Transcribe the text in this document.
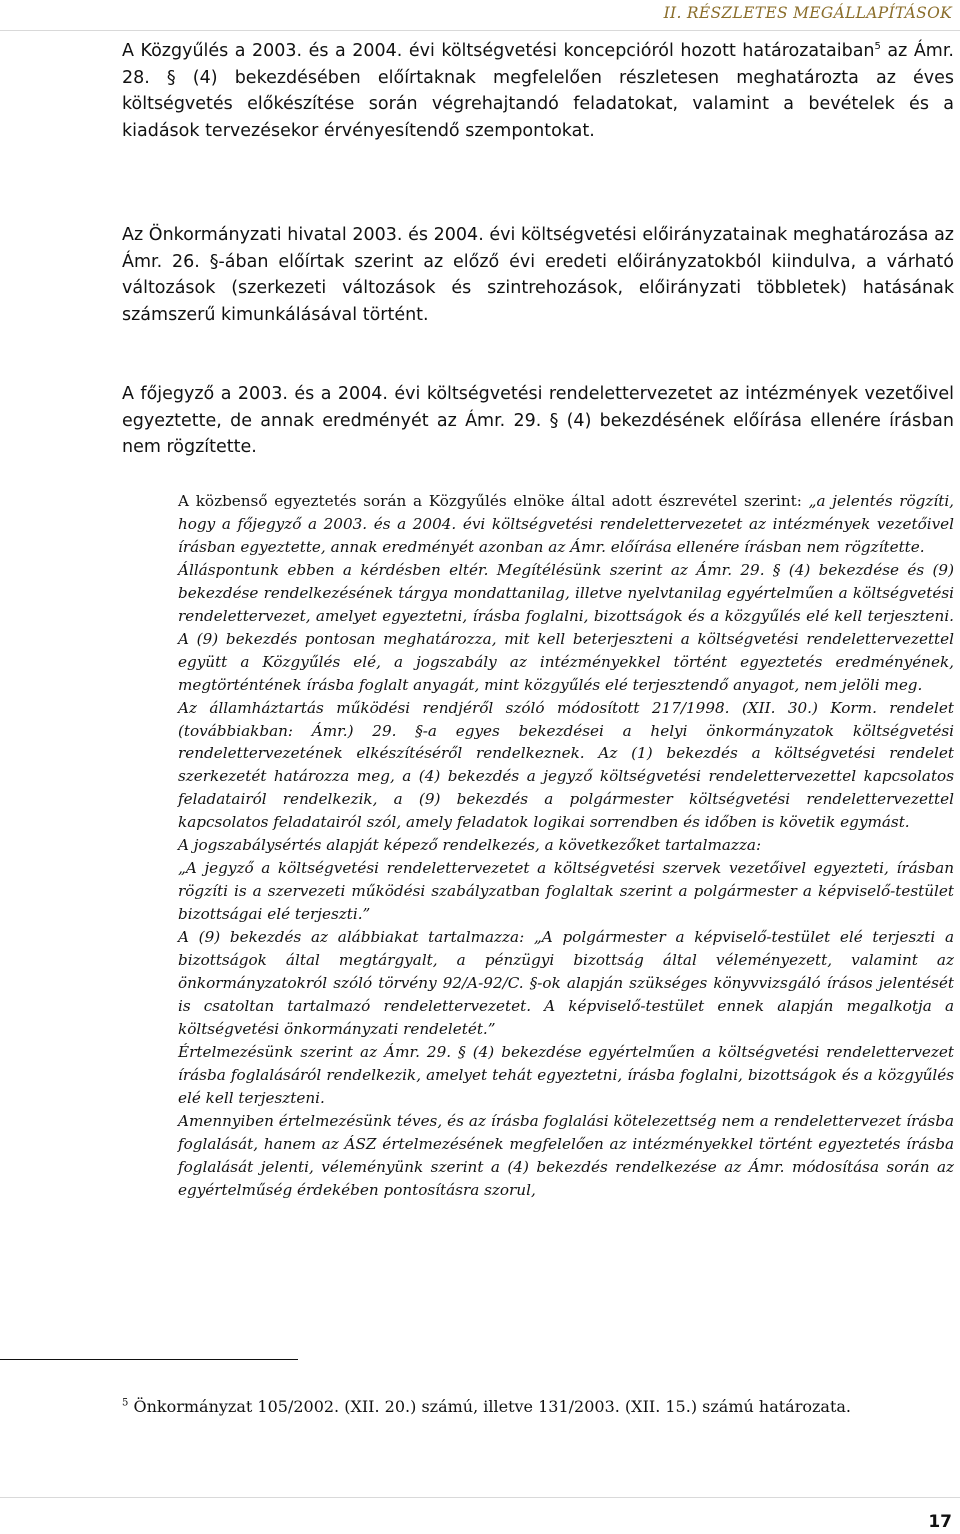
II. RÉSZLETES MEGÁLLAPÍTÁSOK

A Közgyűlés a 2003. és a 2004. évi költségvetési koncepcióról hozott határozataiban$^5$ az Ámr. 28. § (4) bekezdésében előírtaknak megfelelően részletesen meghatározta az éves költségvetés előkészítése során végrehajtandó feladatokat, valamint a bevételek és a kiadások tervezésekor érvényesítendő szempontokat.

Az Önkormányzati hivatal 2003. és 2004. évi költségvetési előirányzatainak meghatározása az Ámr. 26. §-ában előírtak szerint az előző évi eredeti előirányzatokból kiindulva, a várható változások (szerkezeti változások és szintrehozások, előirányzati többletek) hatásának számszerű kimunkálásával történt.

A főjegyző a 2003. és a 2004. évi költségvetési rendelettervezetet az intézmények vezetőivel egyeztette, de annak eredményét az Ámr. 29. § (4) bekezdésének előírása ellenére írásban nem rögzítette.

A közbenső egyeztetés során a Közgyűlés elnöke által adott észrevétel szerint: „a jelentés rögzíti, hogy a főjegyző a 2003. és a 2004. évi költségvetési rendelettervezetet az intézmények vezetőivel írásban egyeztette, annak eredményét azonban az Ámr. előírása ellenére írásban nem rögzítette.

Álláspontunk ebben a kérdésben eltér. Megítélésünk szerint az Ámr. 29. § (4) bekezdése és (9) bekezdése rendelkezésének tárgya mondattanilag, illetve nyelvtanilag egyértelműen a költségvetési rendelettervezet, amelyet egyeztetni, írásba foglalni, bizottságok és a közgyűlés elé kell terjeszteni. A (9) bekezdés pontosan meghatározza, mit kell beterjeszteni a költségvetési rendelettervezettel együtt a Közgyűlés elé, a jogszabály az intézményekkel történt egyeztetés eredményének, megtörténtének írásba foglalt anyagát, mint közgyűlés elé terjesztendő anyagot, nem jelöli meg.

Az államháztartás működési rendjéről szóló módosított 217/1998. (XII. 30.) Korm. rendelet (továbbiakban: Ámr.) 29. §-a egyes bekezdései a helyi önkormányzatok költségvetési rendelettervezetének elkészítéséről rendelkeznek. Az (1) bekezdés a költségvetési rendelet szerkezetét határozza meg, a (4) bekezdés a jegyző költségvetési rendelettervezettel kapcsolatos feladatairól rendelkezik, a (9) bekezdés a polgármester költségvetési rendelettervezettel kapcsolatos feladatairól szól, amely feladatok logikai sorrendben és időben is követik egymást.

A jogszabálysértés alapját képező rendelkezés, a következőket tartalmazza:

„A jegyző a költségvetési rendelettervezetet a költségvetési szervek vezetőivel egyezteti, írásban rögzíti is a szervezeti működési szabályzatban foglaltak szerint a polgármester a képviselő-testület bizottságai elé terjeszti.”

A (9) bekezdés az alábbiakat tartalmazza: „A polgármester a képviselő-testület elé terjeszti a bizottságok által megtárgyalt, a pénzügyi bizottság által véleményezett, valamint az önkormányzatokról szóló törvény 92/A-92/C. §-ok alapján szükséges könyvvizsgáló írásos jelentését is csatoltan tartalmazó rendelettervezetet. A képviselő-testület ennek alapján megalkotja a költségvetési önkormányzati rendeletét.”

Értelmezésünk szerint az Ámr. 29. § (4) bekezdése egyértelműen a költségvetési rendelettervezet írásba foglalásáról rendelkezik, amelyet tehát egyeztetni, írásba foglalni, bizottságok és a közgyűlés elé kell terjeszteni.

Amennyiben értelmezésünk téves, és az írásba foglalási kötelezettség nem a rendelettervezet írásba foglalását, hanem az ÁSZ értelmezésének megfelelően az intézményekkel történt egyeztetés írásba foglalását jelenti, véleményünk szerint a (4) bekezdés rendelkezése az Ámr. módosítása során az egyértelműség érdekében pontosításra szorul,

$^5$ Önkormányzat 105/2002. (XII. 20.) számú, illetve 131/2003. (XII. 15.) számú határozata.

17
